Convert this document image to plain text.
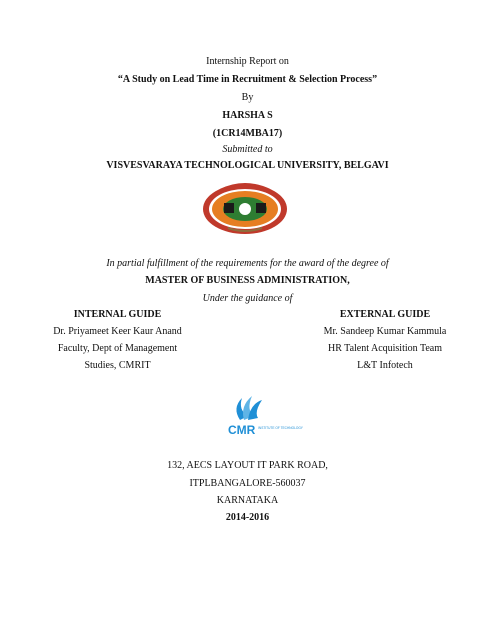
Internship Report on
“A Study on Lead Time in Recruitment & Selection Process”
By
HARSHA S
(1CR14MBA17)
Submitted to
VISVESVARAYA TECHNOLOGICAL UNIVERSITY, BELGAVI
In partial fulfillment of the requirements for the award of the degree of
MASTER OF BUSINESS ADMINISTRATION,
Under the guidance of
INTERNAL GUIDE
Dr. Priyameet Keer Kaur Anand
Faculty, Dept of Management
Studies, CMRIT
EXTERNAL GUIDE
Mr. Sandeep Kumar Kammula
HR Talent Acquisition Team
L&T Infotech
CMR INSTITUTE OF TECHNOLOGY
132, AECS LAYOUT IT PARK ROAD,
ITPLBANGALORE-560037
KARNATAKA
2014-2016
